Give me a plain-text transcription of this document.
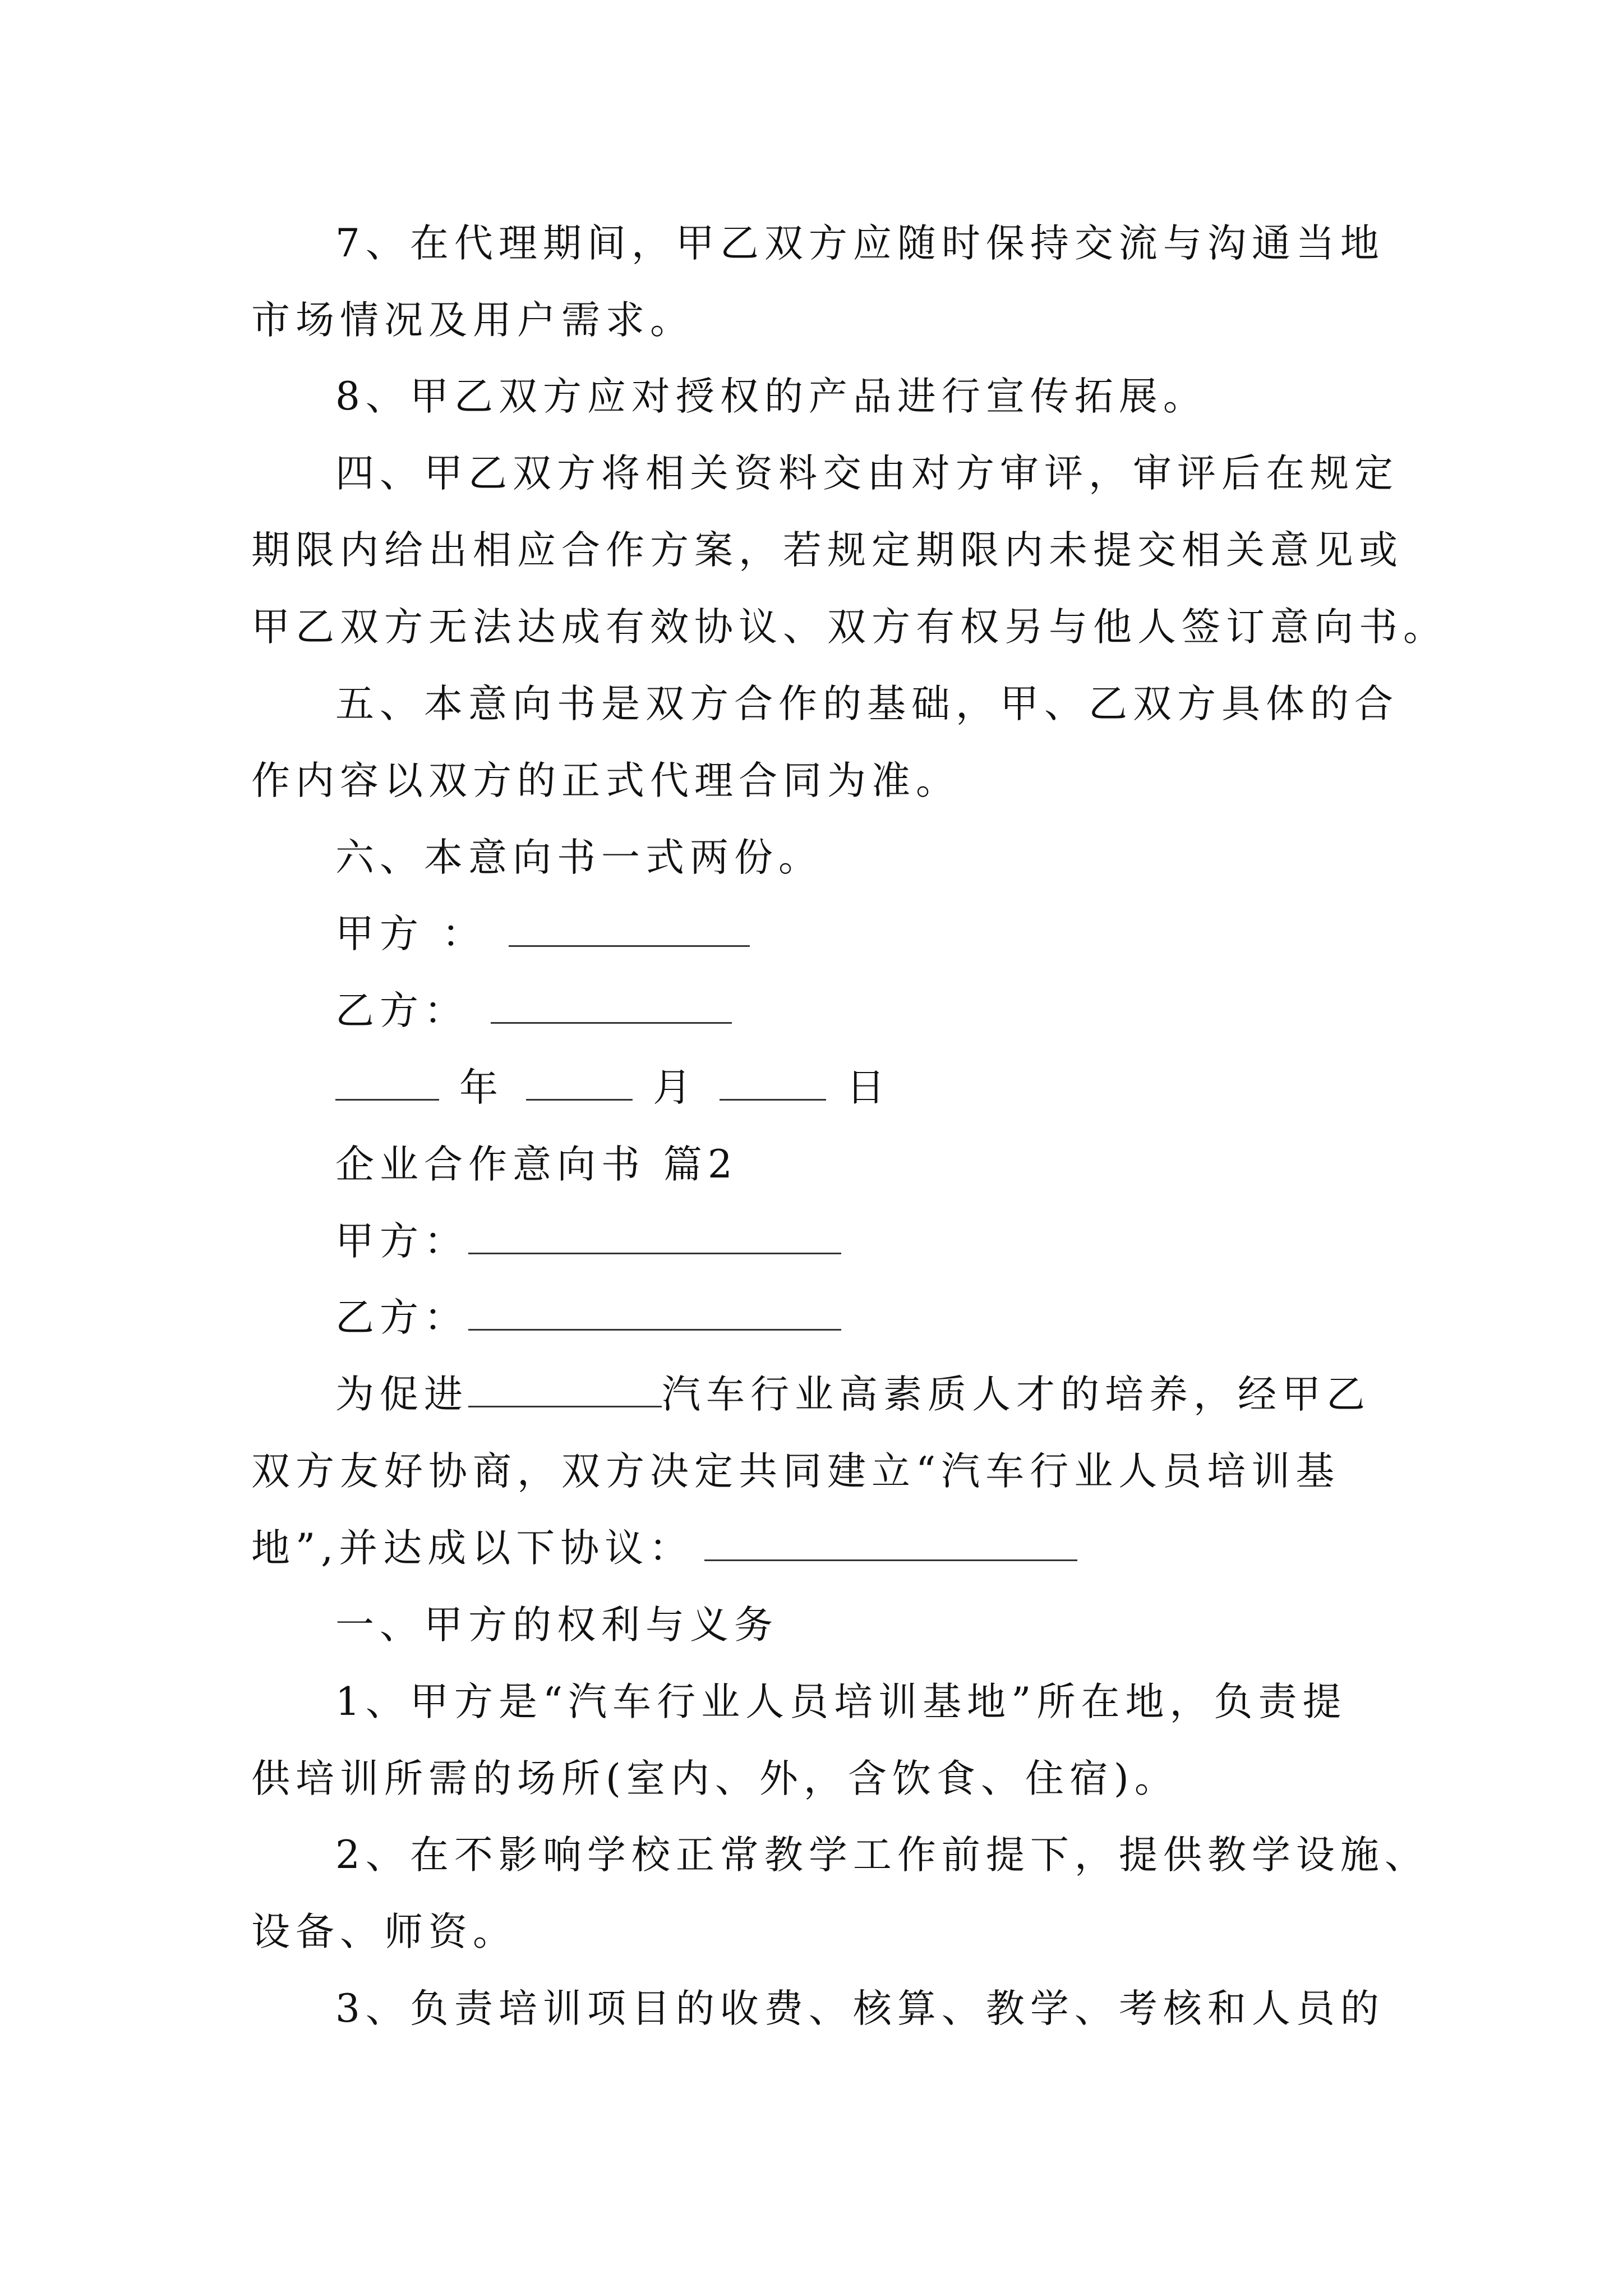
7、在代理期间，甲乙双方应随时保持交流与沟通当地
市场情况及用户需求。
8、甲乙双方应对授权的产品进行宣传拓展。
四、甲乙双方将相关资料交由对方审评，审评后在规定
期限内给出相应合作方案，若规定期限内未提交相关意见或
甲乙双方无法达成有效协议、双方有权另与他人签订意向书。
五、本意向书是双方合作的基础，甲、乙双方具体的合
作内容以双方的正式代理合同为准。
六、本意向书一式两份。
甲方 ：
乙方：
年	月	日
企业合作意向书 篇2
甲方：
乙方：
为促进	汽车行业高素质人才的培养，经甲乙
双方友好协商，双方决定共同建立“汽车行业人员培训基
地”,并达成以下协议：
一、甲方的权利与义务
1、甲方是“汽车行业人员培训基地”所在地，负责提
供培训所需的场所(室内、外，含饮食、住宿)。
2、在不影响学校正常教学工作前提下，提供教学设施、
设备、师资。
3、负责培训项目的收费、核算、教学、考核和人员的
